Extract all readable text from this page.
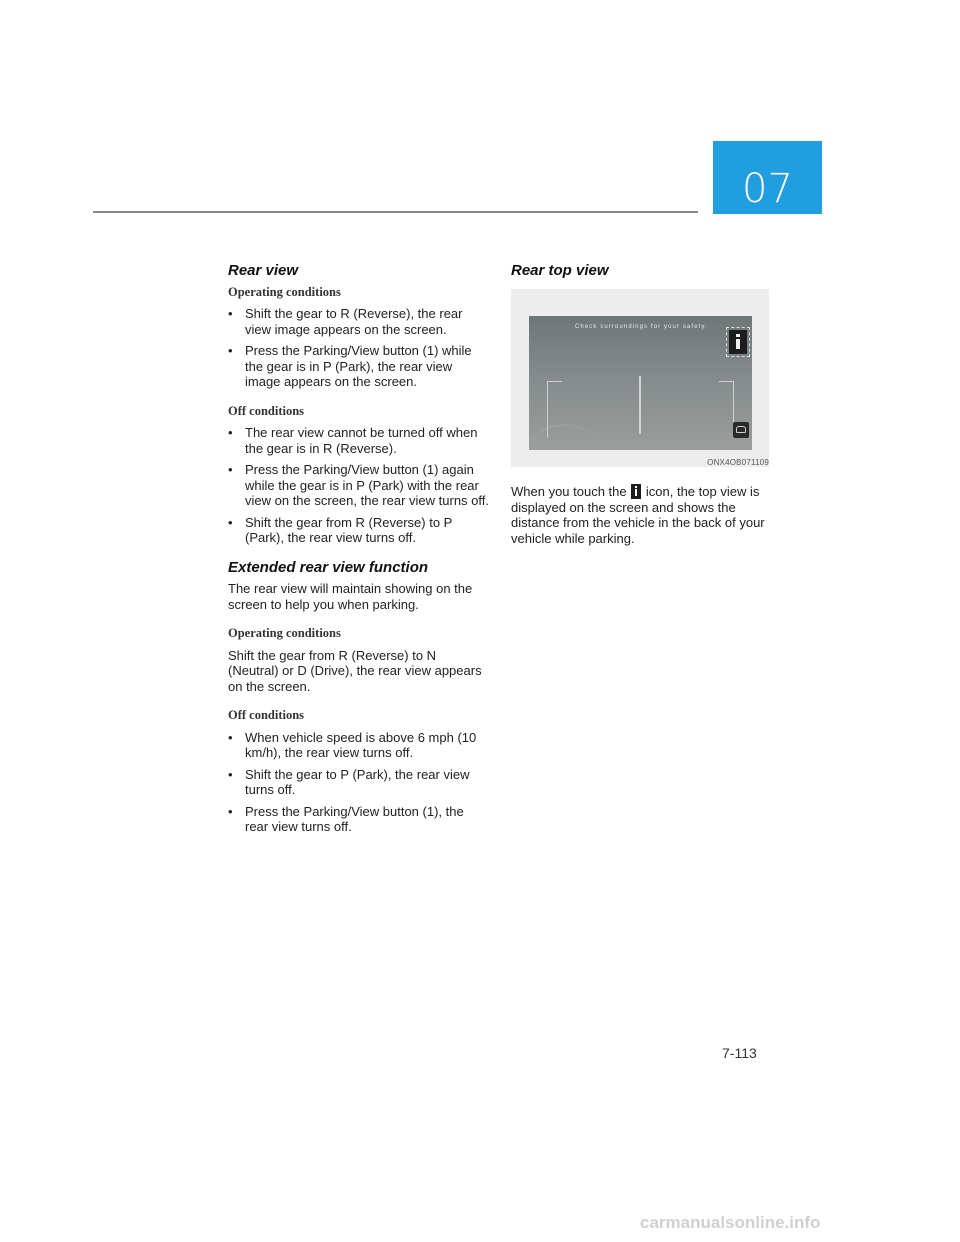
07
Rear view
Operating conditions
• Shift the gear to R (Reverse), the rear view image appears on the screen.
• Press the Parking/View button (1) while the gear is in P (Park), the rear view image appears on the screen.
Off conditions
• The rear view cannot be turned off when the gear is in R (Reverse).
• Press the Parking/View button (1) again while the gear is in P (Park) with the rear view on the screen, the rear view turns off.
• Shift the gear from R (Reverse) to P (Park), the rear view turns off.
Extended rear view function

The rear view will maintain showing on the screen to help you when parking.

Operating conditions

Shift the gear from R (Reverse) to N (Neutral) or D (Drive), the rear view appears on the screen.

Off conditions
• When vehicle speed is above 6 mph (10 km/h), the rear view turns off.
• Shift the gear to P (Park), the rear view turns off.
• Press the Parking/View button (1), the rear view turns off.
Rear top view
Check surroundings for your safety.
ONX4OB071109

When you touch the icon, the top view is displayed on the screen and shows the distance from the vehicle in the back of your vehicle while parking.

7-113
carmanualsonline.info
